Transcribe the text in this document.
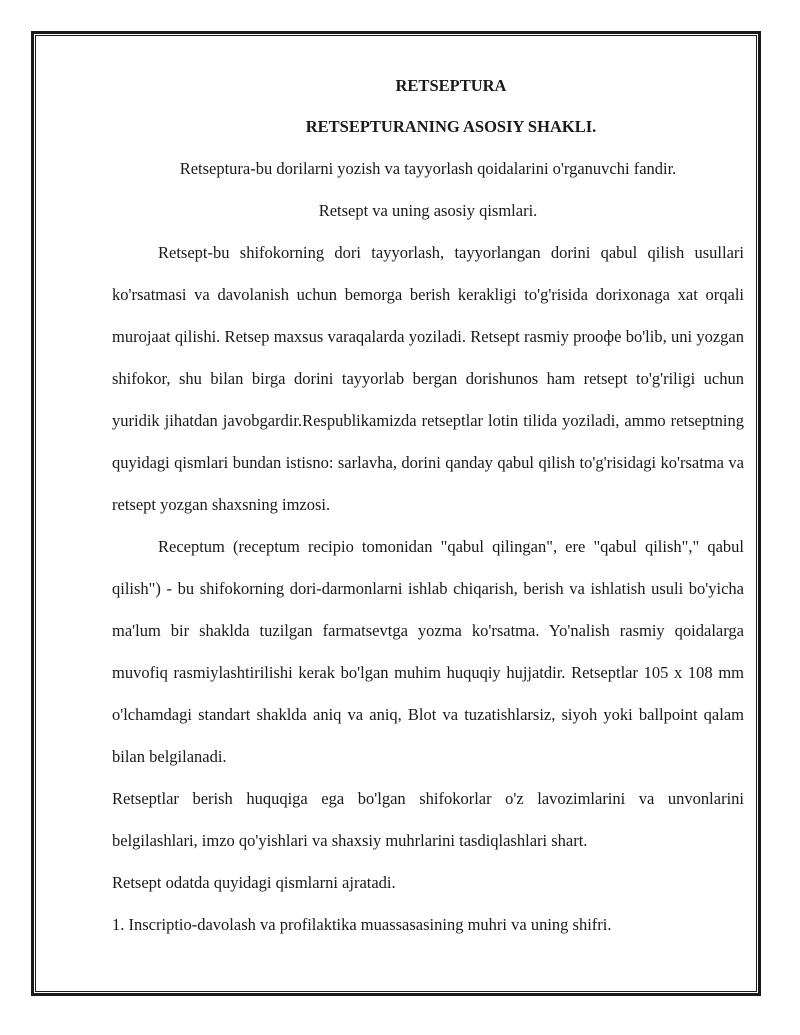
RETSEPTURA

RETSEPTURANING ASOSIY SHAKLI.

Retseptura-bu dorilarni yozish va tayyorlash qoidalarini o'rganuvchi fandir.

Retsept va uning asosiy qismlari.

Retsept-bu shifokorning dori tayyorlash, tayyorlangan dorini qabul qilish usullari ko'rsatmasi va davolanish uchun bemorga berish kerakligi to'g'risida dorixonaga xat orqali murojaat qilishi. Retsep maxsus varaqalarda yoziladi. Retsept rasmiy prooфe bo'lib, uni yozgan shifokor, shu bilan birga dorini tayyorlab bergan dorishunos ham retsept to'g'riligi uchun yuridik jihatdan javobgardir.Respublikamizda retseptlar lotin tilida yoziladi, ammo retseptning quyidagi qismlari bundan istisno: sarlavha, dorini qanday qabul qilish to'g'risidagi ko'rsatma va retsept yozgan shaxsning imzosi.

Receptum (receptum recipio tomonidan "qabul qilingan", ere "qabul qilish"," qabul qilish") - bu shifokorning dori-darmonlarni ishlab chiqarish, berish va ishlatish usuli bo'yicha ma'lum bir shaklda tuzilgan farmatsevtga yozma ko'rsatma. Yo'nalish rasmiy qoidalarga muvofiq rasmiylashtirilishi kerak bo'lgan muhim huquqiy hujjatdir. Retseptlar 105 x 108 mm o'lchamdagi standart shaklda aniq va aniq, Blot va tuzatishlarsiz, siyoh yoki ballpoint qalam bilan belgilanadi.

Retseptlar berish huquqiga ega bo'lgan shifokorlar o'z lavozimlarini va unvonlarini belgilashlari, imzo qo'yishlari va shaxsiy muhrlarini tasdiqlashlari shart.

Retsept odatda quyidagi qismlarni ajratadi.

1. Inscriptio-davolash va profilaktika muassasasining muhri va uning shifri.
